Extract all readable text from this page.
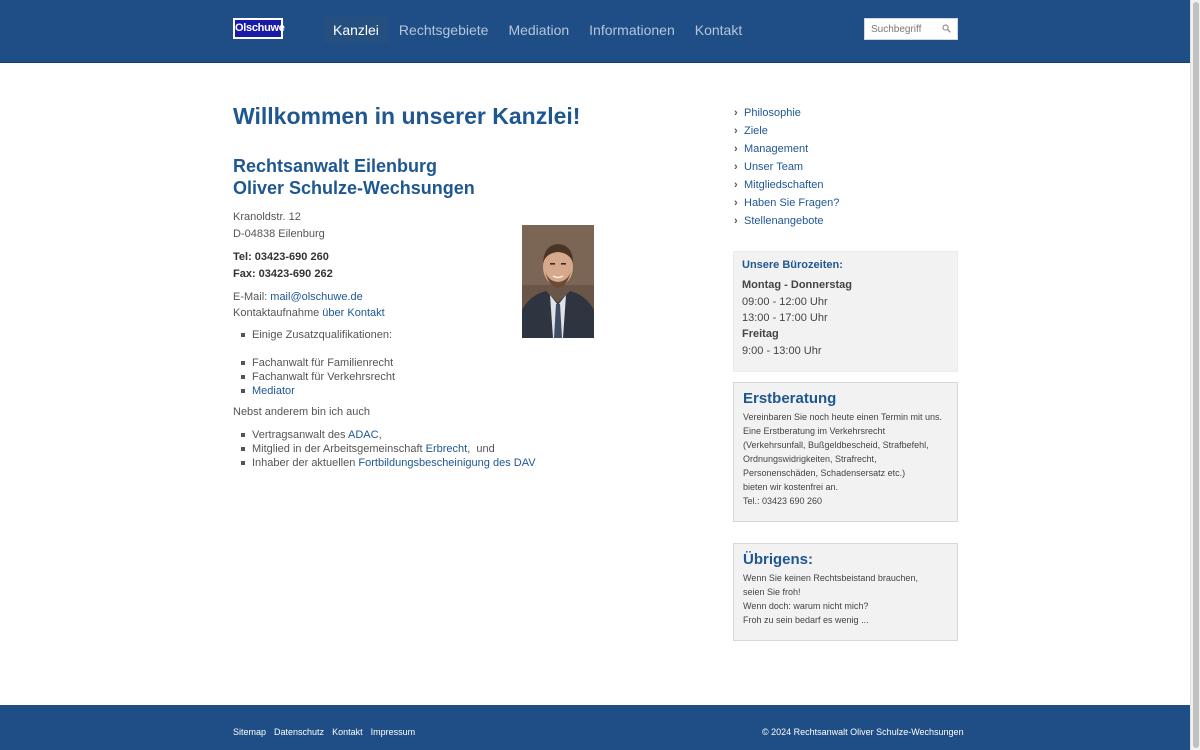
Olschuwe	Kanzlei	Rechtsgebiete	Mediation	Informationen	Kontakt
Suchbegriff
Willkommen in unserer Kanzlei!
Rechtsanwalt Eilenburg
Oliver Schulze-Wechsungen
Kranoldstr. 12
D-04838 Eilenburg
Tel: 03423-690 260
Fax: 03423-690 262
E-Mail: mail@olschuwe.de
Kontaktaufnahme über Kontakt
Einige Zusatzqualifikationen:
Fachanwalt für Familienrecht
Fachanwalt für Verkehrsrecht
Mediator
Nebst anderem bin ich auch
Vertragsanwalt des ADAC,
Mitglied in der Arbeitsgemeinschaft Erbrecht,  und
Inhaber der aktuellen Fortbildungsbescheinigung des DAV
› Philosophie
› Ziele
› Management
› Unser Team
› Mitgliedschaften
› Haben Sie Fragen?
› Stellenangebote
Unsere Bürozeiten:
Montag - Donnerstag
09:00 - 12:00 Uhr
13:00 - 17:00 Uhr
Freitag
9:00 - 13:00 Uhr
Erstberatung
Vereinbaren Sie noch heute einen Termin mit uns.
Eine Erstberatung im Verkehrsrecht
(Verkehrsunfall, Bußgeldbescheid, Strafbefehl,
Ordnungswidrigkeiten, Strafrecht,
Personenschäden, Schadensersatz etc.)
bieten wir kostenfrei an.
Tel.: 03423 690 260
Übrigens:
Wenn Sie keinen Rechtsbeistand brauchen,
seien Sie froh!
Wenn doch: warum nicht mich?
Froh zu sein bedarf es wenig ...
Sitemap Datenschutz Kontakt Impressum	© 2024 Rechtsanwalt Oliver Schulze-Wechsungen
